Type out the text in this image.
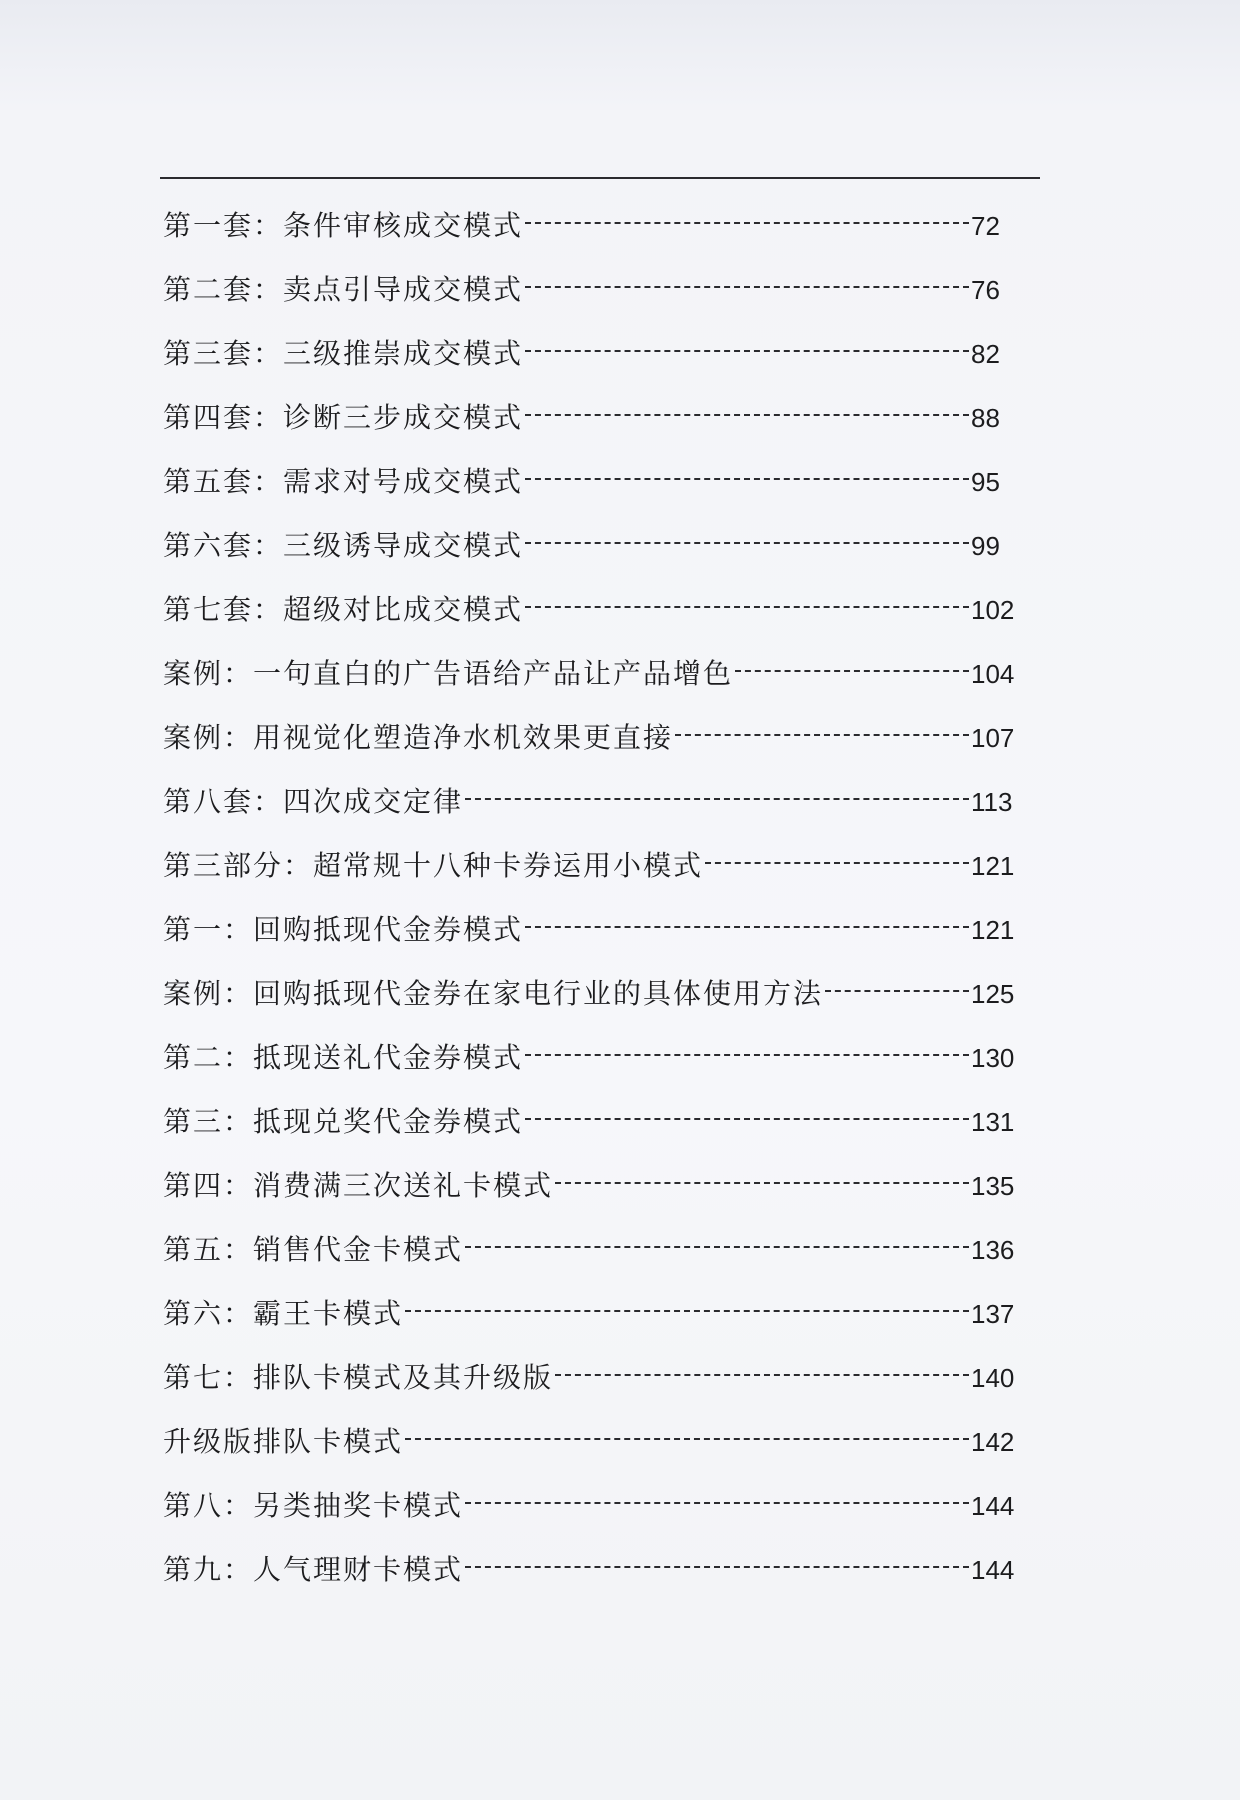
第一套：条件审核成交模式	72
第二套：卖点引导成交模式	76
第三套：三级推崇成交模式	82
第四套：诊断三步成交模式	88
第五套：需求对号成交模式	95
第六套：三级诱导成交模式	99
第七套：超级对比成交模式	102
案例：一句直白的广告语给产品让产品增色	104
案例：用视觉化塑造净水机效果更直接	107
第八套：四次成交定律	113
第三部分：超常规十八种卡券运用小模式	121
第一：回购抵现代金券模式	121
案例：回购抵现代金券在家电行业的具体使用方法	125
第二：抵现送礼代金券模式	130
第三：抵现兑奖代金券模式	131
第四：消费满三次送礼卡模式	135
第五：销售代金卡模式	136
第六：霸王卡模式	137
第七：排队卡模式及其升级版	140
升级版排队卡模式	142
第八：另类抽奖卡模式	144
第九：人气理财卡模式	144
